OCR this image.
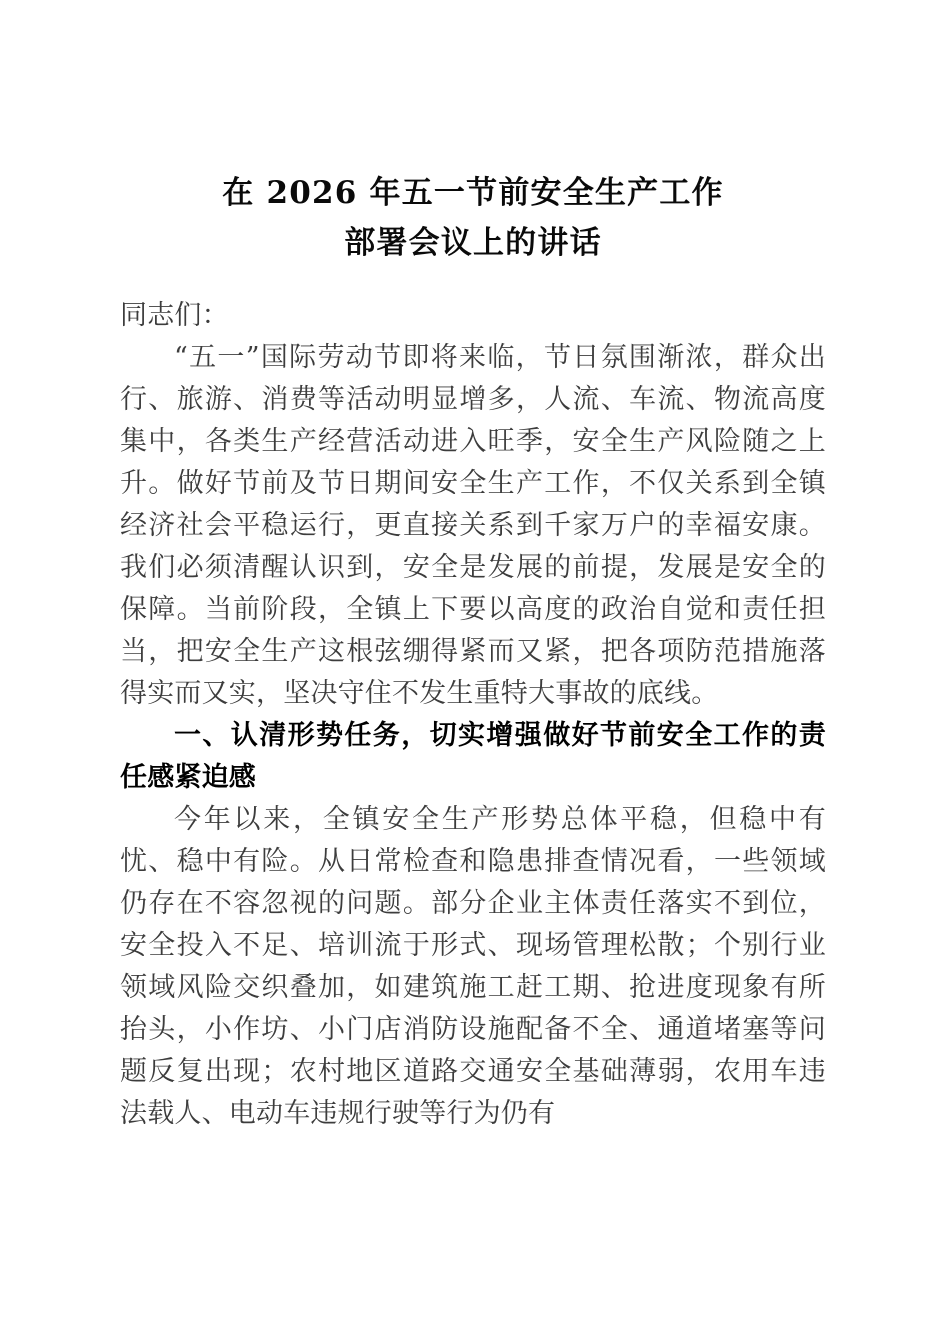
在 2026 年五一节前安全生产工作
部署会议上的讲话

同志们：

“五一”国际劳动节即将来临，节日氛围渐浓，群众出行、旅游、消费等活动明显增多，人流、车流、物流高度集中，各类生产经营活动进入旺季，安全生产风险随之上升。做好节前及节日期间安全生产工作，不仅关系到全镇经济社会平稳运行，更直接关系到千家万户的幸福安康。我们必须清醒认识到，安全是发展的前提，发展是安全的保障。当前阶段，全镇上下要以高度的政治自觉和责任担当，把安全生产这根弦绷得紧而又紧，把各项防范措施落得实而又实，坚决守住不发生重特大事故的底线。

一、认清形势任务，切实增强做好节前安全工作的责任感紧迫感

今年以来，全镇安全生产形势总体平稳，但稳中有忧、稳中有险。从日常检查和隐患排查情况看，一些领域仍存在不容忽视的问题。部分企业主体责任落实不到位，安全投入不足、培训流于形式、现场管理松散；个别行业领域风险交织叠加，如建筑施工赶工期、抢进度现象有所抬头，小作坊、小门店消防设施配备不全、通道堵塞等问题反复出现；农村地区道路交通安全基础薄弱，农用车违法载人、电动车违规行驶等行为仍有
